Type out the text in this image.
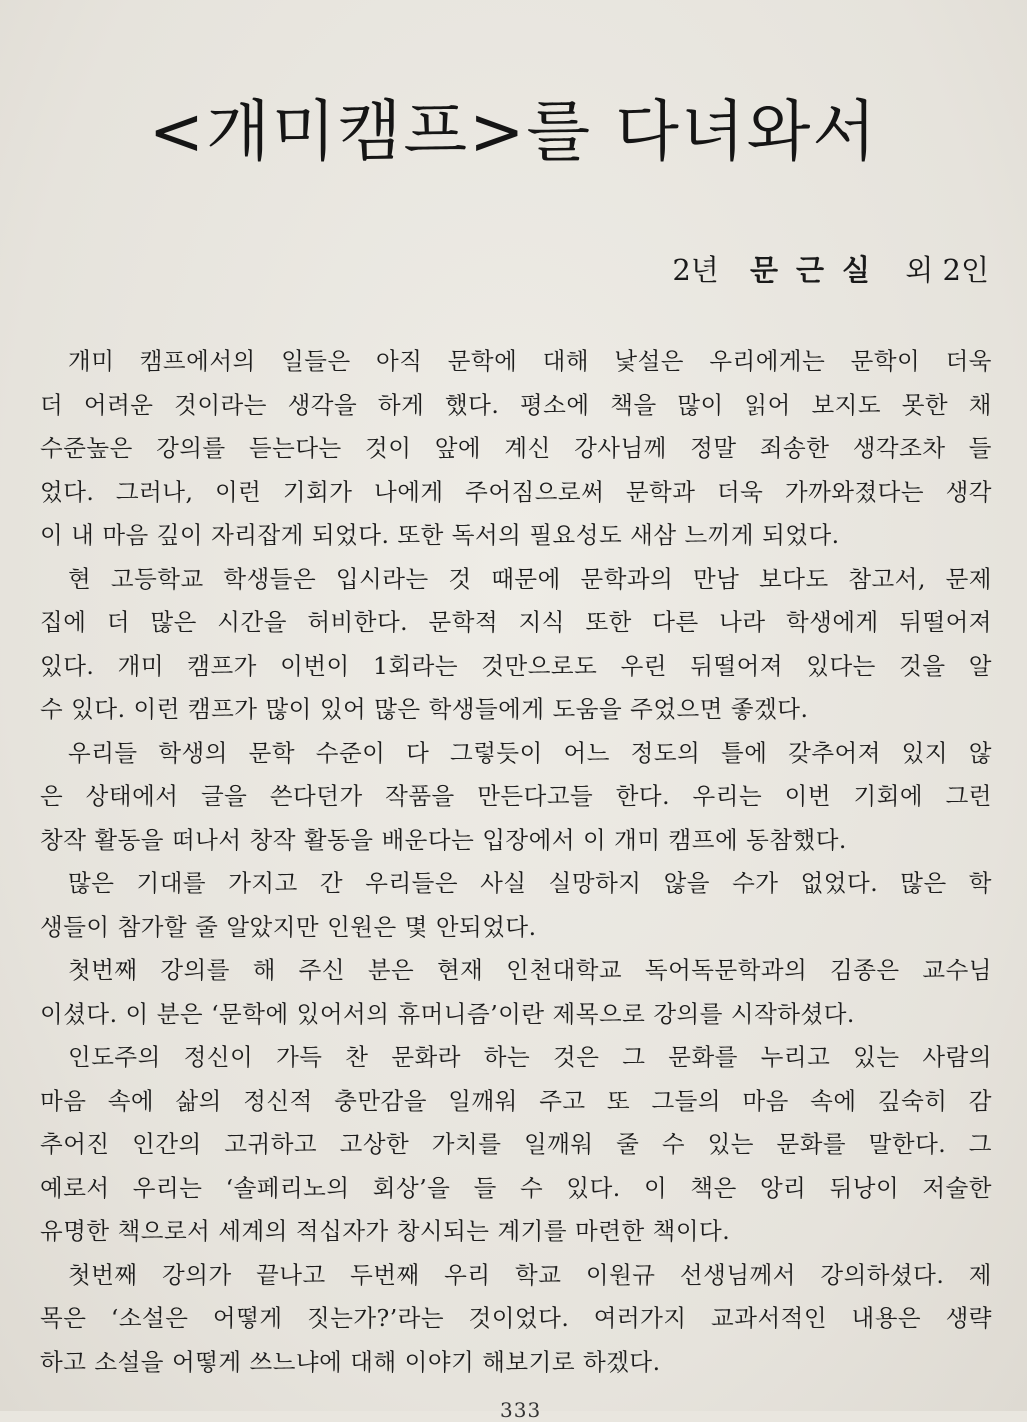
<개미캠프>를 다녀와서
2년 문근실 외 2인
개미 캠프에서의 일들은 아직 문학에 대해 낯설은 우리에게는 문학이 더욱
더 어려운 것이라는 생각을 하게 했다. 평소에 책을 많이 읽어 보지도 못한 채
수준높은 강의를 듣는다는 것이 앞에 계신 강사님께 정말 죄송한 생각조차 들
었다. 그러나, 이런 기회가 나에게 주어짐으로써 문학과 더욱 가까와졌다는 생각
이 내 마음 깊이 자리잡게 되었다. 또한 독서의 필요성도 새삼 느끼게 되었다.
현 고등학교 학생들은 입시라는 것 때문에 문학과의 만남 보다도 참고서, 문제
집에 더 많은 시간을 허비한다. 문학적 지식 또한 다른 나라 학생에게 뒤떨어져
있다. 개미 캠프가 이번이 1회라는 것만으로도 우린 뒤떨어져 있다는 것을 알
수 있다. 이런 캠프가 많이 있어 많은 학생들에게 도움을 주었으면 좋겠다.
우리들 학생의 문학 수준이 다 그렇듯이 어느 정도의 틀에 갖추어져 있지 않
은 상태에서 글을 쓴다던가 작품을 만든다고들 한다. 우리는 이번 기회에 그런
창작 활동을 떠나서 창작 활동을 배운다는 입장에서 이 개미 캠프에 동참했다.
많은 기대를 가지고 간 우리들은 사실 실망하지 않을 수가 없었다. 많은 학
생들이 참가할 줄 알았지만 인원은 몇 안되었다.
첫번째 강의를 해 주신 분은 현재 인천대학교 독어독문학과의 김종은 교수님
이셨다. 이 분은 ‘문학에 있어서의 휴머니즘’이란 제목으로 강의를 시작하셨다.
인도주의 정신이 가득 찬 문화라 하는 것은 그 문화를 누리고 있는 사람의
마음 속에 삶의 정신적 충만감을 일깨워 주고 또 그들의 마음 속에 깊숙히 감
추어진 인간의 고귀하고 고상한 가치를 일깨워 줄 수 있는 문화를 말한다. 그
예로서 우리는 ‘솔페리노의 회상’을 들 수 있다. 이 책은 앙리 뒤낭이 저술한
유명한 책으로서 세계의 적십자가 창시되는 계기를 마련한 책이다.
첫번째 강의가 끝나고 두번째 우리 학교 이원규 선생님께서 강의하셨다. 제
목은 ‘소설은 어떻게 짓는가?’라는 것이었다. 여러가지 교과서적인 내용은 생략
하고 소설을 어떻게 쓰느냐에 대해 이야기 해보기로 하겠다.
333
